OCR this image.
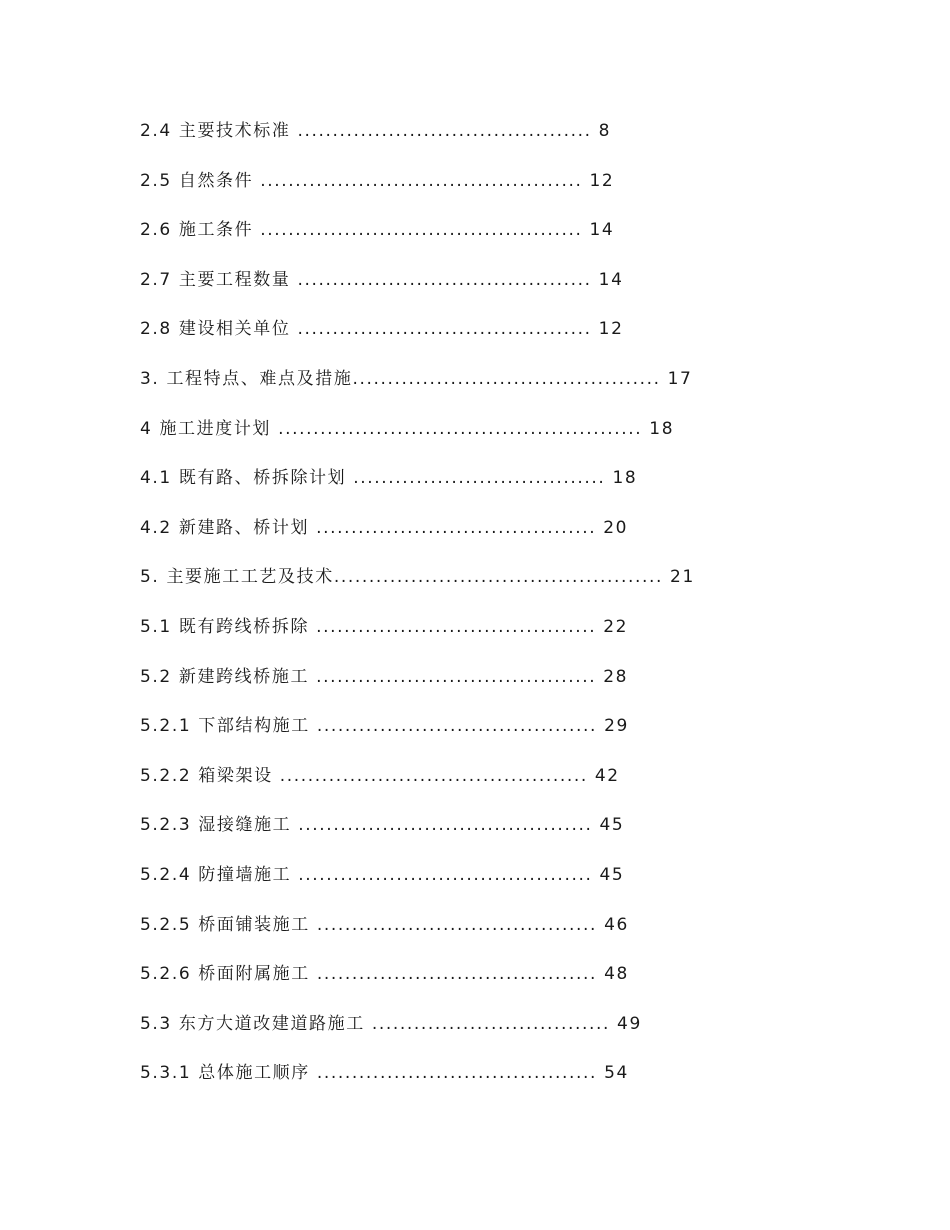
2.4 主要技术标准 .......................................... 8
2.5 自然条件 .............................................. 12
2.6 施工条件 .............................................. 14
2.7 主要工程数量 .......................................... 14
2.8 建设相关单位 .......................................... 12
3. 工程特点、难点及措施............................................ 17
4 施工进度计划 .................................................... 18
4.1 既有路、桥拆除计划 .................................... 18
4.2 新建路、桥计划 ........................................ 20
5. 主要施工工艺及技术............................................... 21
5.1 既有跨线桥拆除 ........................................ 22
5.2 新建跨线桥施工 ........................................ 28
5.2.1 下部结构施工 ........................................ 29
5.2.2 箱梁架设 ............................................ 42
5.2.3 湿接缝施工 .......................................... 45
5.2.4 防撞墙施工 .......................................... 45
5.2.5 桥面铺装施工 ........................................ 46
5.2.6 桥面附属施工 ........................................ 48
5.3 东方大道改建道路施工 .................................. 49
5.3.1 总体施工顺序 ........................................ 54
